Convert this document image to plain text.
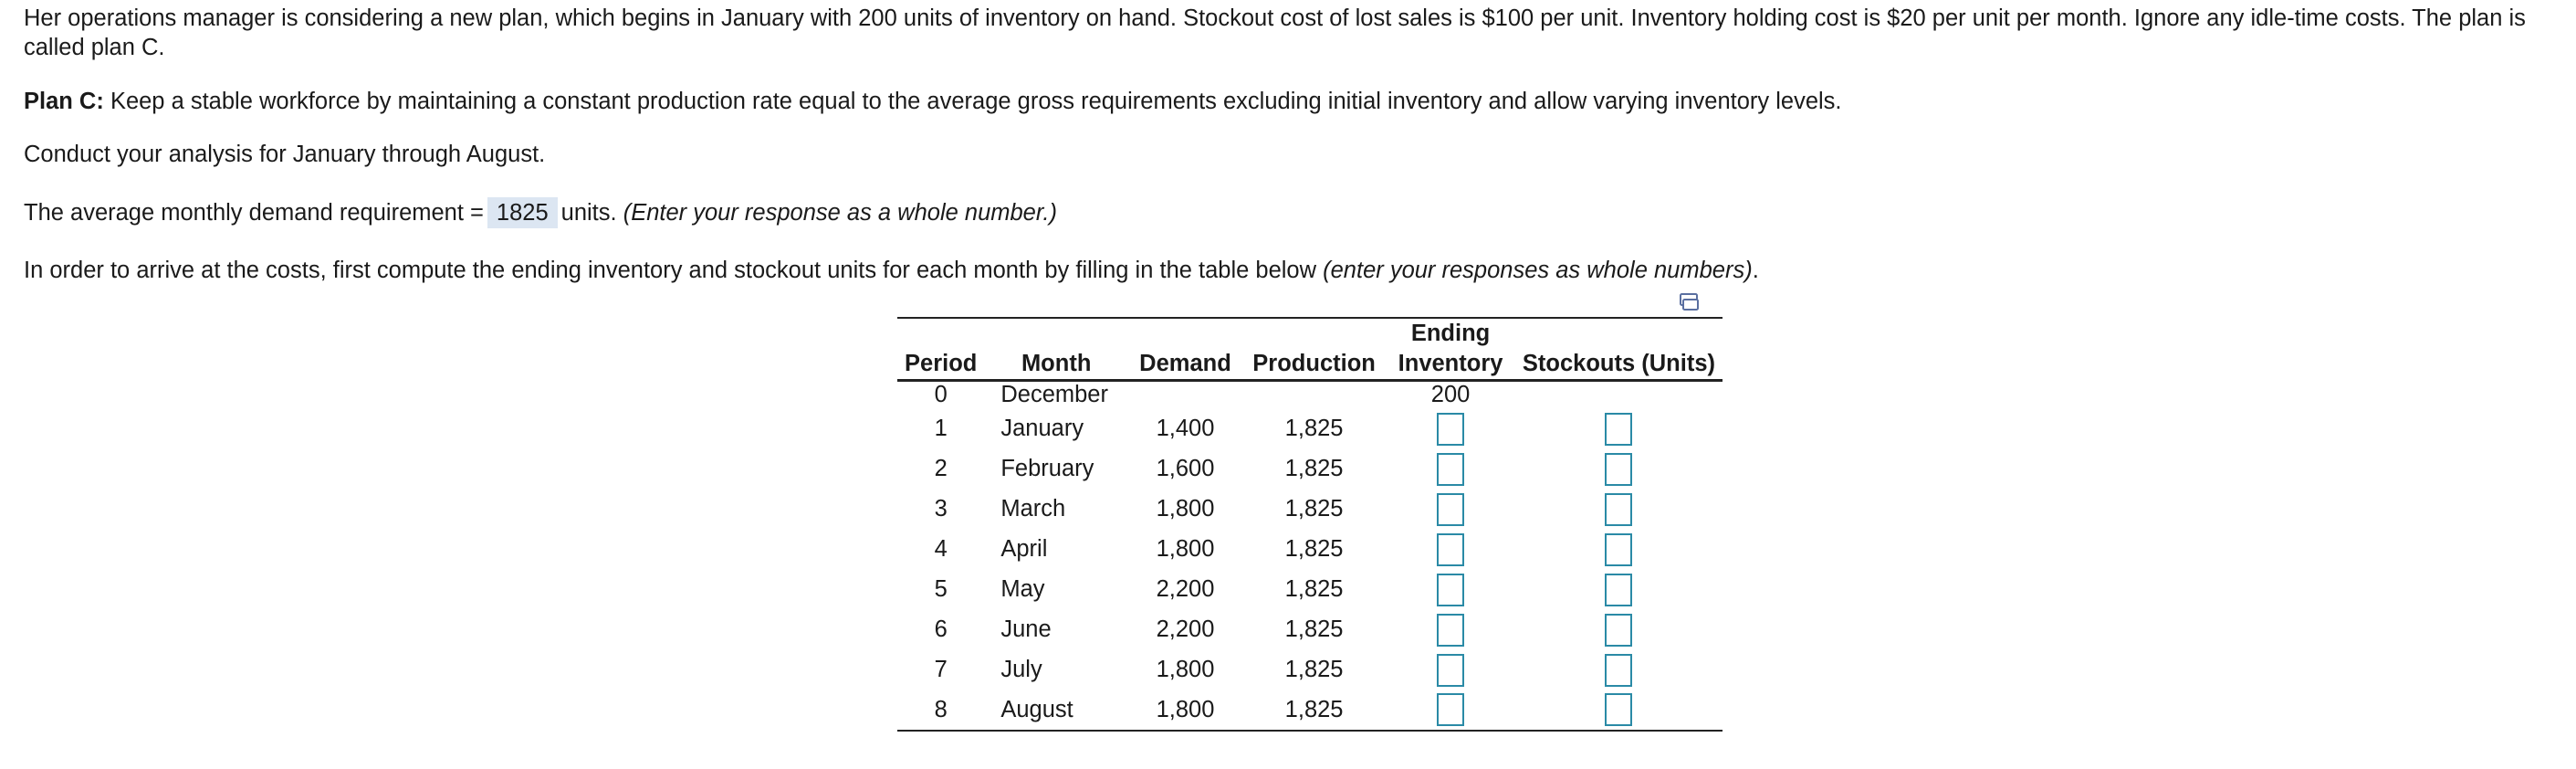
Her operations manager is considering a new plan, which begins in January with 200 units of inventory on hand. Stockout cost of lost sales is $100 per unit. Inventory holding cost is $20 per unit per month. Ignore any idle-time costs. The plan is
called plan C.

Plan C: Keep a stable workforce by maintaining a constant production rate equal to the average gross requirements excluding initial inventory and allow varying inventory levels.

Conduct your analysis for January through August.

The average monthly demand requirement = 1825 units. (Enter your response as a whole number.)

In order to arrive at the costs, first compute the ending inventory and stockout units for each month by filling in the table below (enter your responses as whole numbers).

				Ending	
Period	Month	Demand	Production	Inventory	Stockouts (Units)
0	December			200	
1	January	1,400	1,825		
2	February	1,600	1,825		
3	March	1,800	1,825		
4	April	1,800	1,825		
5	May	2,200	1,825		
6	June	2,200	1,825		
7	July	1,800	1,825		
8	August	1,800	1,825		
